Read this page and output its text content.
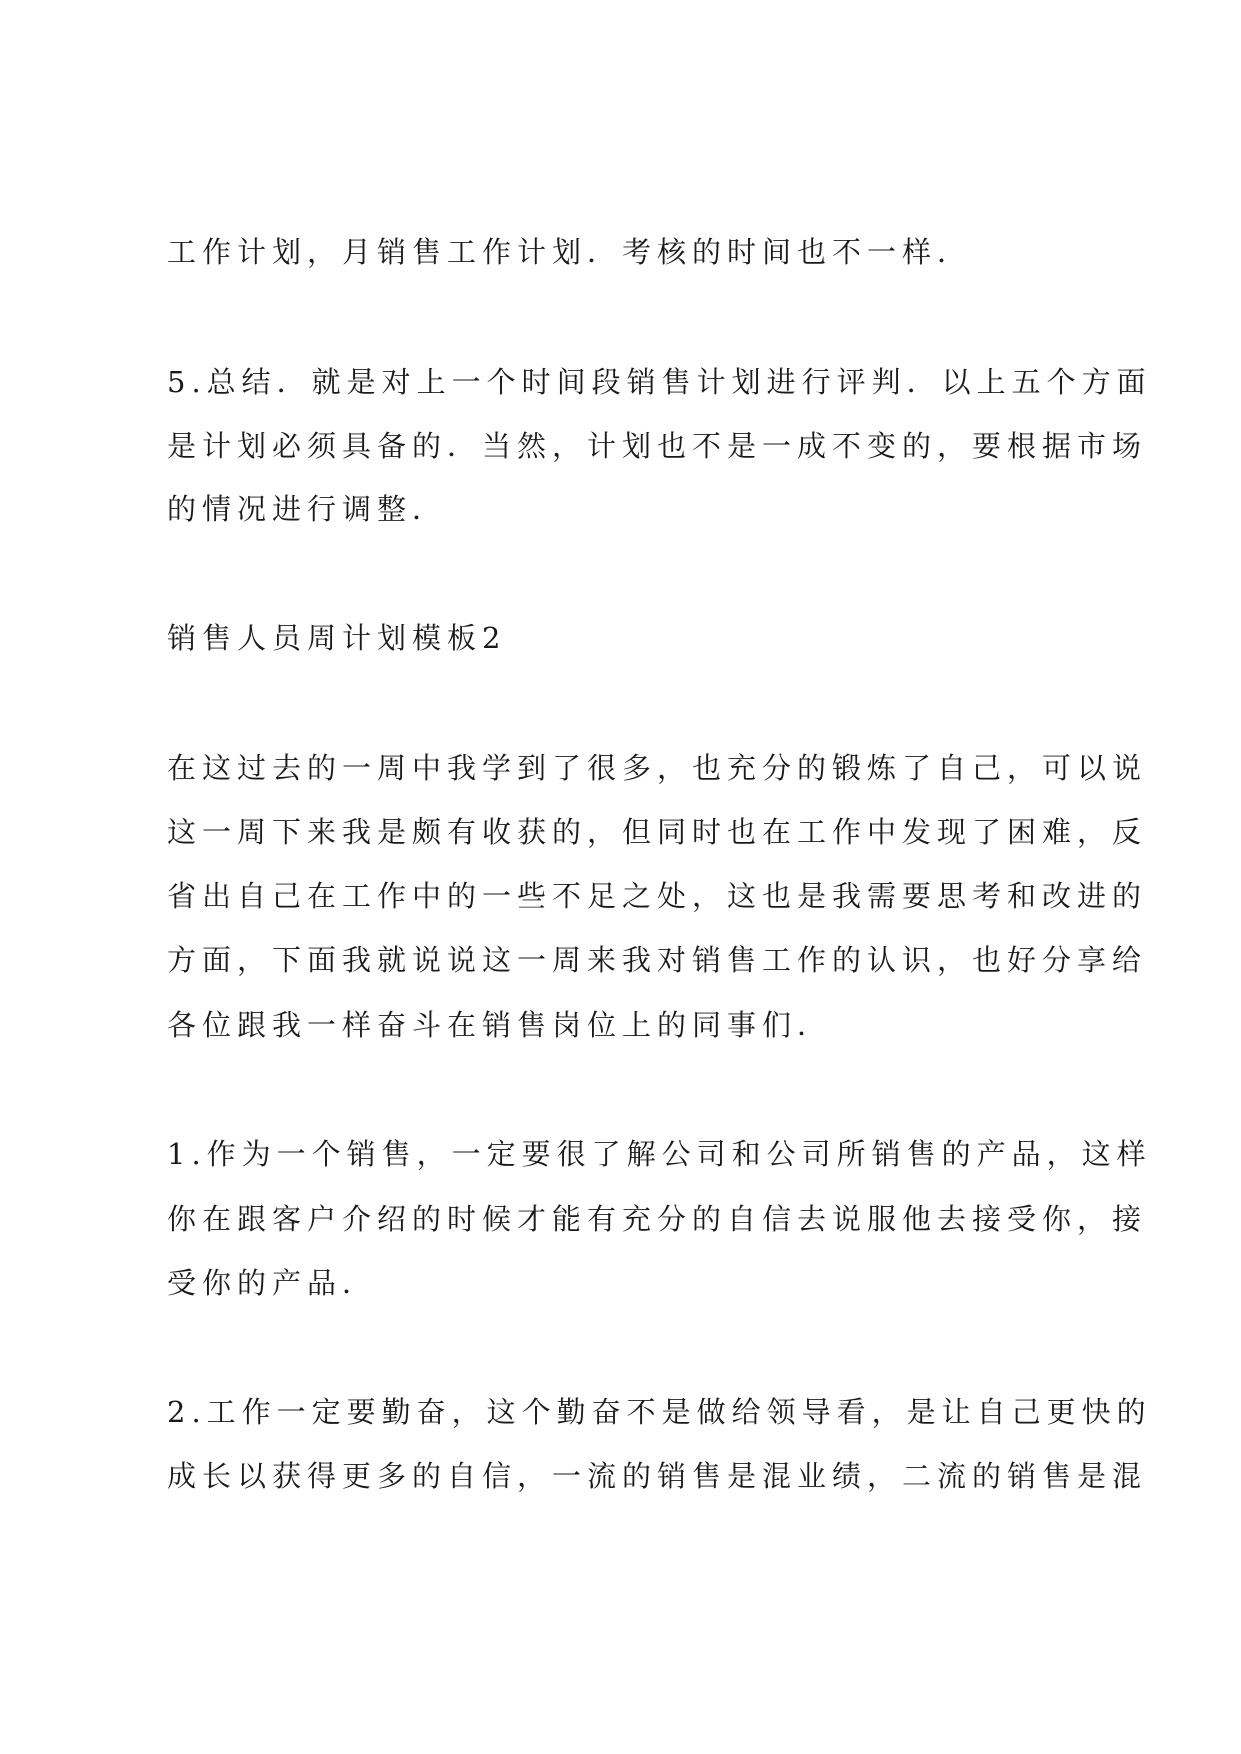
工作计划，月销售工作计划．考核的时间也不一样．
5.总结．就是对上一个时间段销售计划进行评判．以上五个方面
是计划必须具备的．当然，计划也不是一成不变的，要根据市场
的情况进行调整．
销售人员周计划模板2
在这过去的一周中我学到了很多，也充分的锻炼了自己，可以说
这一周下来我是颇有收获的，但同时也在工作中发现了困难，反
省出自己在工作中的一些不足之处，这也是我需要思考和改进的
方面，下面我就说说这一周来我对销售工作的认识，也好分享给
各位跟我一样奋斗在销售岗位上的同事们．
1.作为一个销售，一定要很了解公司和公司所销售的产品，这样
你在跟客户介绍的时候才能有充分的自信去说服他去接受你，接
受你的产品．
2.工作一定要勤奋，这个勤奋不是做给领导看，是让自己更快的
成长以获得更多的自信，一流的销售是混业绩，二流的销售是混
